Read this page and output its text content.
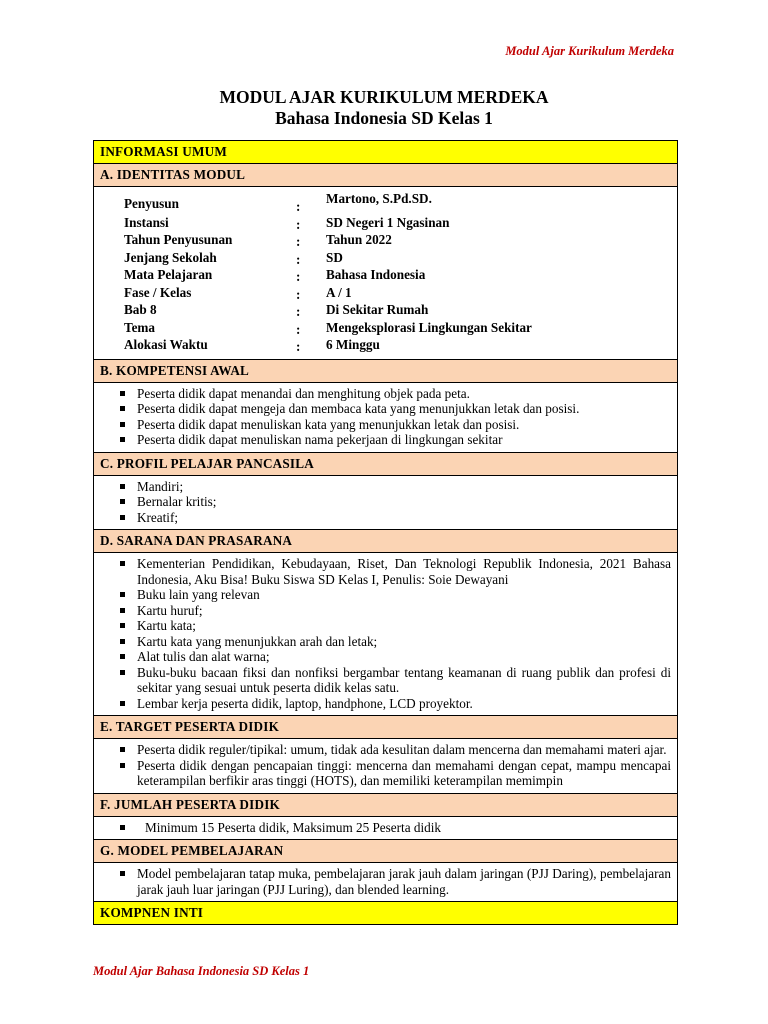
Modul Ajar Kurikulum Merdeka
MODUL AJAR KURIKULUM MERDEKA
Bahasa Indonesia SD Kelas 1
INFORMASI UMUM
A. IDENTITAS MODUL

Penyusun	:	Martono, S.Pd.SD.
Instansi	:	SD Negeri 1 Ngasinan
Tahun Penyusunan	:	Tahun 2022
Jenjang Sekolah	:	SD
Mata Pelajaran	:	Bahasa Indonesia
Fase / Kelas	:	A / 1
Bab 8	:	Di Sekitar Rumah
Tema	:	Mengeksplorasi Lingkungan Sekitar
Alokasi Waktu	:	6 Minggu

B. KOMPETENSI AWAL

Peserta didik dapat menandai dan menghitung objek pada peta.
Peserta didik dapat mengeja dan membaca kata yang menunjukkan letak dan posisi.
Peserta didik dapat menuliskan kata yang menunjukkan letak dan posisi.
Peserta didik dapat menuliskan nama pekerjaan di lingkungan sekitar

C. PROFIL PELAJAR PANCASILA

Mandiri;
Bernalar kritis;
Kreatif;

D. SARANA DAN PRASARANA

Kementerian Pendidikan, Kebudayaan, Riset, Dan Teknologi Republik Indonesia, 2021 Bahasa Indonesia, Aku Bisa! Buku Siswa SD Kelas I, Penulis: Soie Dewayani
Buku lain yang relevan
Kartu huruf;
Kartu kata;
Kartu kata yang menunjukkan arah dan letak;
Alat tulis dan alat warna;
Buku-buku bacaan fiksi dan nonfiksi bergambar tentang keamanan di ruang publik dan profesi di sekitar yang sesuai untuk peserta didik kelas satu.
Lembar kerja peserta didik, laptop, handphone, LCD proyektor.

E. TARGET PESERTA DIDIK

Peserta didik reguler/tipikal: umum, tidak ada kesulitan dalam mencerna dan memahami materi ajar.
Peserta didik dengan pencapaian tinggi: mencerna dan memahami dengan cepat, mampu mencapai keterampilan berfikir aras tinggi (HOTS), dan memiliki keterampilan memimpin

F. JUMLAH PESERTA DIDIK

Minimum 15 Peserta didik, Maksimum 25 Peserta didik

G. MODEL PEMBELAJARAN

Model pembelajaran tatap muka, pembelajaran jarak jauh dalam jaringan (PJJ Daring), pembelajaran jarak jauh luar jaringan (PJJ Luring), dan blended learning.

KOMPNEN INTI
Modul Ajar Bahasa Indonesia SD Kelas 1
